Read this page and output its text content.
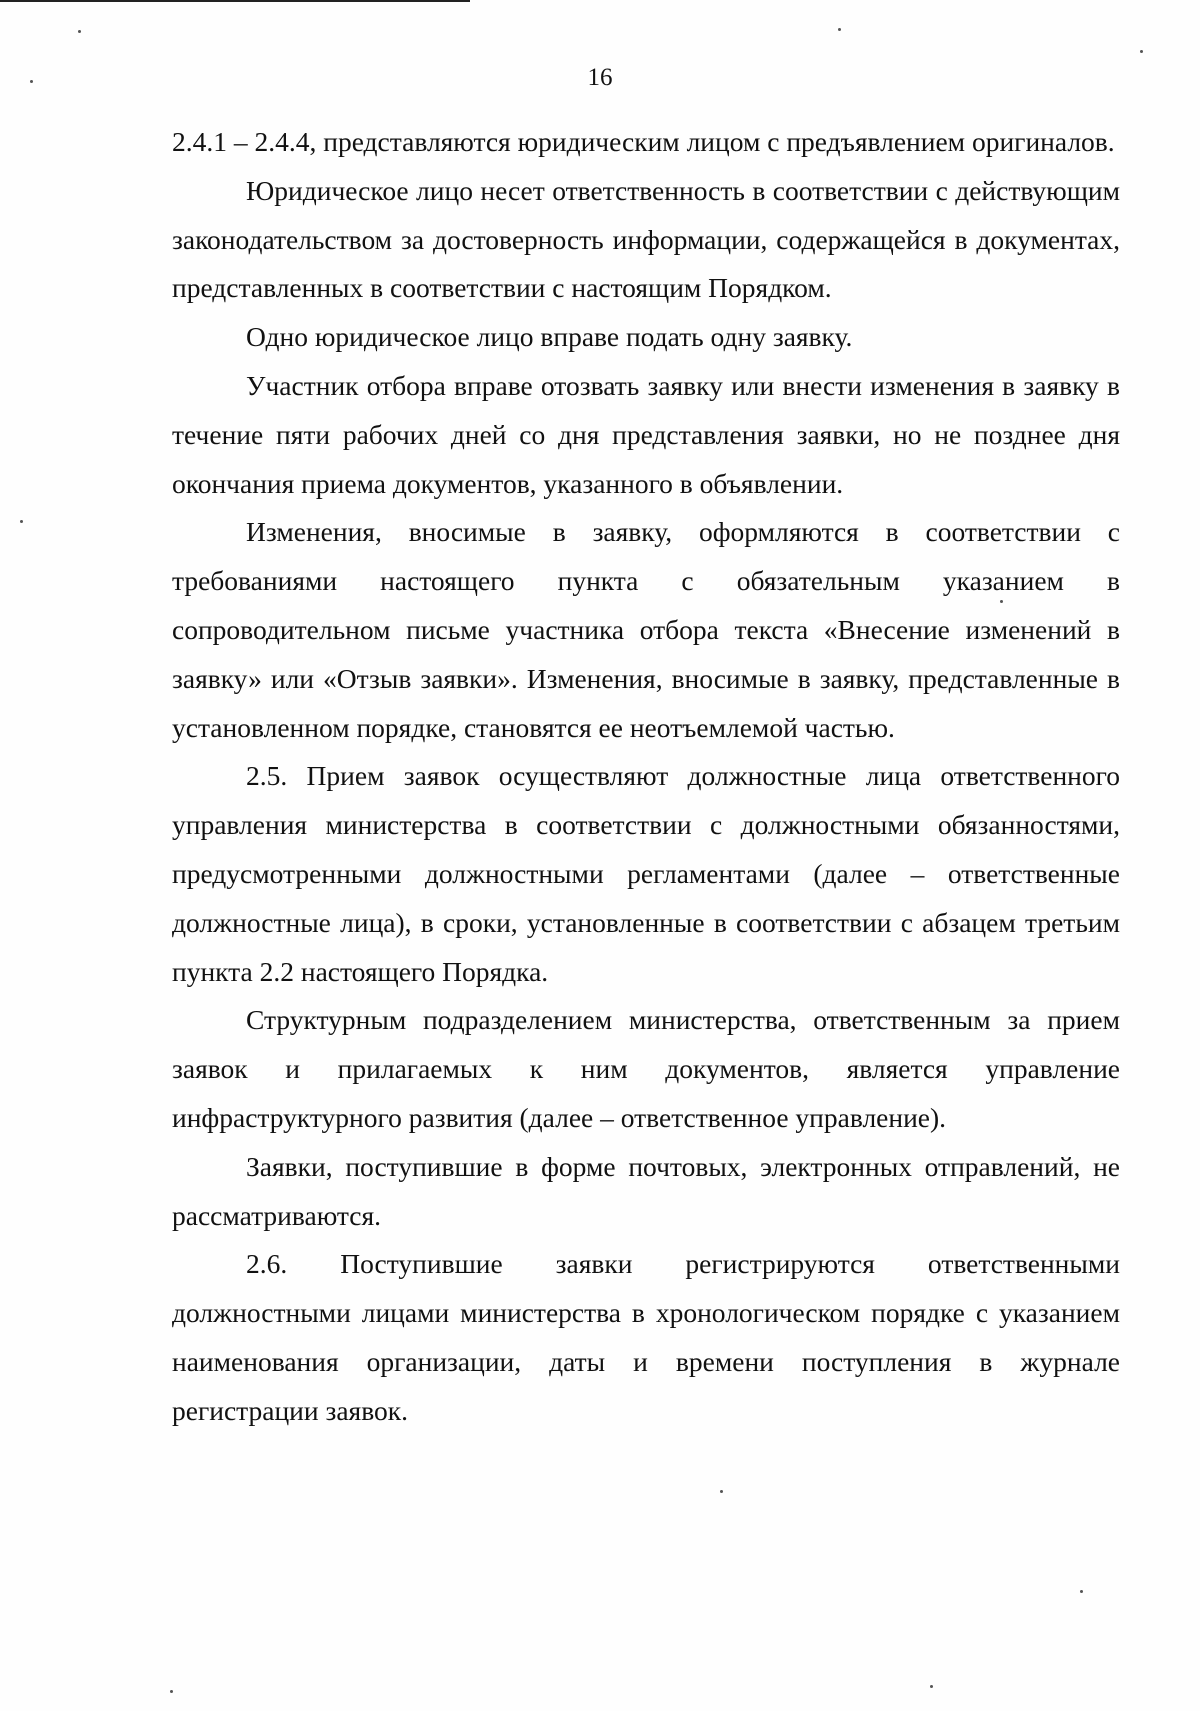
16

2.4.1 – 2.4.4, представляются юридическим лицом с предъявлением оригиналов.

Юридическое лицо несет ответственность в соответствии с действующим законодательством за достоверность информации, содержащейся в документах, представленных в соответствии с настоящим Порядком.

Одно юридическое лицо вправе подать одну заявку.

Участник отбора вправе отозвать заявку или внести изменения в заявку в течение пяти рабочих дней со дня представления заявки, но не позднее дня окончания приема документов, указанного в объявлении.

Изменения, вносимые в заявку, оформляются в соответствии с требованиями настоящего пункта с обязательным указанием в сопроводительном письме участника отбора текста «Внесение изменений в заявку» или «Отзыв заявки». Изменения, вносимые в заявку, представленные в установленном порядке, становятся ее неотъемлемой частью.

2.5. Прием заявок осуществляют должностные лица ответственного управления министерства в соответствии с должностными обязанностями, предусмотренными должностными регламентами (далее – ответственные должностные лица), в сроки, установленные в соответствии с абзацем третьим пункта 2.2 настоящего Порядка.

Структурным подразделением министерства, ответственным за прием заявок и прилагаемых к ним документов, является управление инфраструктурного развития (далее – ответственное управление).

Заявки, поступившие в форме почтовых, электронных отправлений, не рассматриваются.

2.6. Поступившие заявки регистрируются ответственными должностными лицами министерства в хронологическом порядке с указанием наименования организации, даты и времени поступления в журнале регистрации заявок.
